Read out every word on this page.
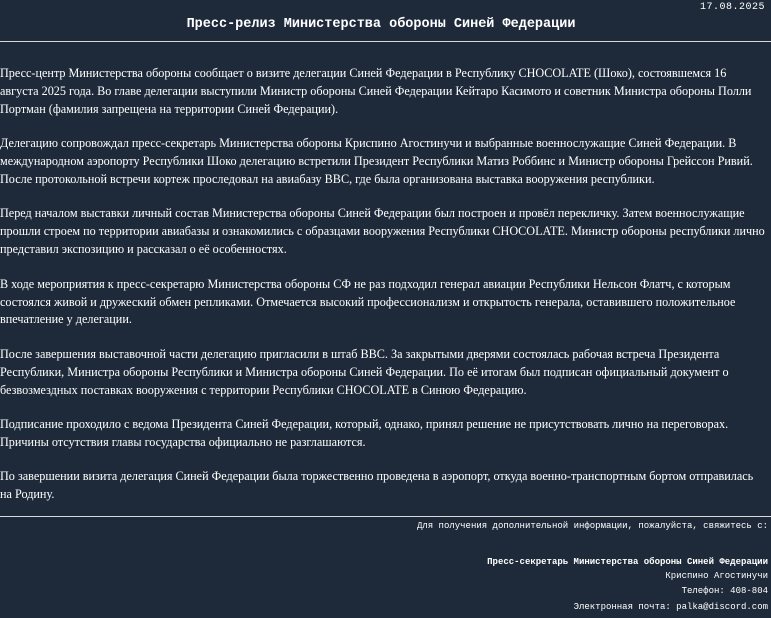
17.08.2025
Пресс-релиз Министерства обороны Синей Федерации

Пресс-центр Министерства обороны сообщает о визите делегации Синей Федерации в Республику CHOCOLATE (Шоко), состоявшемся 16 августа 2025 года. Во главе делегации выступили Министр обороны Синей Федерации Кейтаро Касимото и советник Министра обороны Полли Портман (фамилия запрещена на территории Синей Федерации).

Делегацию сопровождал пресс-секретарь Министерства обороны Криспино Агостинучи и выбранные военнослужащие Синей Федерации. В международном аэропорту Республики Шоко делегацию встретили Президент Республики Матиз Роббинс и Министр обороны Грейссон Ривий. После протокольной встречи кортеж проследовал на авиабазу ВВС, где была организована выставка вооружения республики.

Перед началом выставки личный состав Министерства обороны Синей Федерации был построен и провёл перекличку. Затем военнослужащие прошли строем по территории авиабазы и ознакомились с образцами вооружения Республики CHOCOLATE. Министр обороны республики лично представил экспозицию и рассказал о её особенностях.

В ходе мероприятия к пресс-секретарю Министерства обороны СФ не раз подходил генерал авиации Республики Нельсон Флатч, с которым состоялся живой и дружеский обмен репликами. Отмечается высокий профессионализм и открытость генерала, оставившего положительное впечатление у делегации.

После завершения выставочной части делегацию пригласили в штаб ВВС. За закрытыми дверями состоялась рабочая встреча Президента Республики, Министра обороны Республики и Министра обороны Синей Федерации. По её итогам был подписан официальный документ о безвозмездных поставках вооружения с территории Республики CHOCOLATE в Синюю Федерацию.

Подписание проходило с ведома Президента Синей Федерации, который, однако, принял решение не присутствовать лично на переговорах. Причины отсутствия главы государства официально не разглашаются.

По завершении визита делегация Синей Федерации была торжественно проведена в аэропорт, откуда военно-транспортным бортом отправилась на Родину.

Для получения дополнительной информации, пожалуйста, свяжитесь с:
Пресс-секретарь Министерства обороны Синей Федерации
Криспино Агостинучи
Телефон: 408-804
Электронная почта: palka@discord.com
